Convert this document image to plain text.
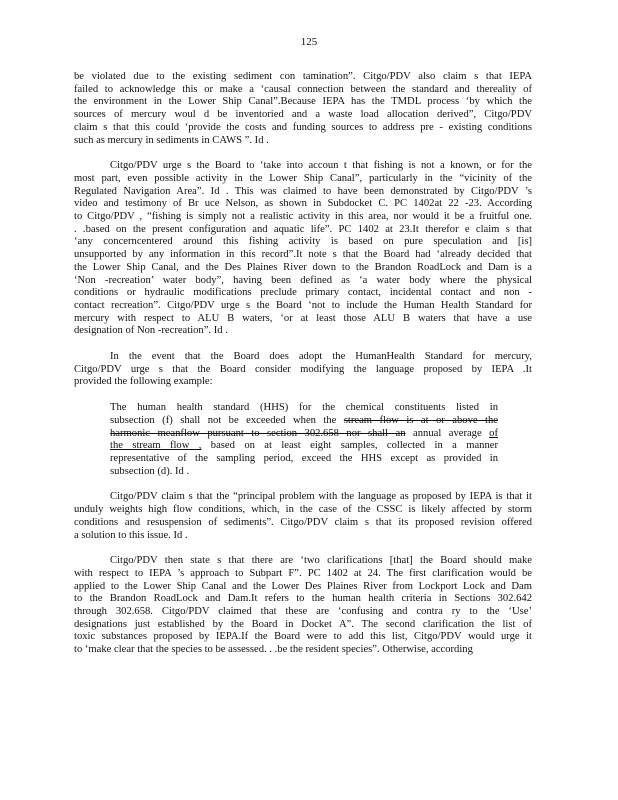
125
be violated due to the existing sediment con tamination”. Citgo/PDV also claim s that IEPA
failed to acknowledge this or make a ‘causal connection between the standard and thereality of
the environment in the Lower Ship Canal”.Because IEPA has the TMDL process ‘by which the
sources of mercury woul d be inventoried and a waste load allocation derived”, Citgo/PDV
claim s that this could ‘provide the costs and funding sources to address pre - existing conditions
such as mercury in sediments in CAWS ”. Id .
Citgo/PDV urge s the Board to ‘take into accoun t that fishing is not a known, or for the
most part, even possible activity in the Lower Ship Canal”, particularly in the “vicinity of the
Regulated Navigation Area”. Id . This was claimed to have been demonstrated by Citgo/PDV ’s
video and testimony of Br uce Nelson, as shown in Subdocket C. PC 1402at 22 -23. According
to Citgo/PDV , “fishing is simply not a realistic activity in this area, nor would it be a fruitful one.
. .based on the present configuration and aquatic life”. PC 1402 at 23.It therefor e claim s that
‘any concerncentered around this fishing activity is based on pure speculation and [is]
unsupported by any information in this record”.It note s that the Board had ‘already decided that
the Lower Ship Canal, and the Des Plaines River down to the Brandon RoadLock and Dam is a
‘Non -recreation’ water body”, having been defined as ‘a water body where the physical
conditions or hydraulic modifications preclude primary contact, incidental contact and non -
contact recreation”. Citgo/PDV urge s the Board ‘not to include the Human Health Standard for
mercury with respect to ALU B waters, ‘or at least those ALU B waters that have a use
designation of Non -recreation”. Id .
In the event that the Board does adopt the HumanHealth Standard for mercury,
Citgo/PDV urge s that the Board consider modifying the language proposed by IEPA .It
provided the following example:
The human health standard (HHS) for the chemical constituents listed in
subsection (f) shall not be exceeded when the stream flow is at or above the
harmonic meanflow pursuant to section 302.658 nor shall an annual average of
the stream flow , based on at least eight samples, collected in a manner
representative of the sampling period, exceed the HHS except as provided in
subsection (d). Id .
Citgo/PDV claim s that the “principal problem with the language as proposed by IEPA is that it
unduly weights high flow conditions, which, in the case of the CSSC is likely affected by storm
conditions and resuspension of sediments”. Citgo/PDV claim s that its proposed revision offered
a solution to this issue. Id .
Citgo/PDV then state s that there are ‘two clarifications [that] the Board should make
with respect to IEPA ’s approach to Subpart F”. PC 1402 at 24. The first clarification would be
applied to the Lower Ship Canal and the Lower Des Plaines River from Lockport Lock and Dam
to the Brandon RoadLock and Dam.It refers to the human health criteria in Sections 302.642
through 302.658. Citgo/PDV claimed that these are ‘confusing and contra ry to the ‘Use’
designations just established by the Board in Docket A”. The second clarification the list of
toxic substances proposed by IEPA.If the Board were to add this list, Citgo/PDV would urge it
to ‘make clear that the species to be assessed. . .be the resident species”. Otherwise, according
